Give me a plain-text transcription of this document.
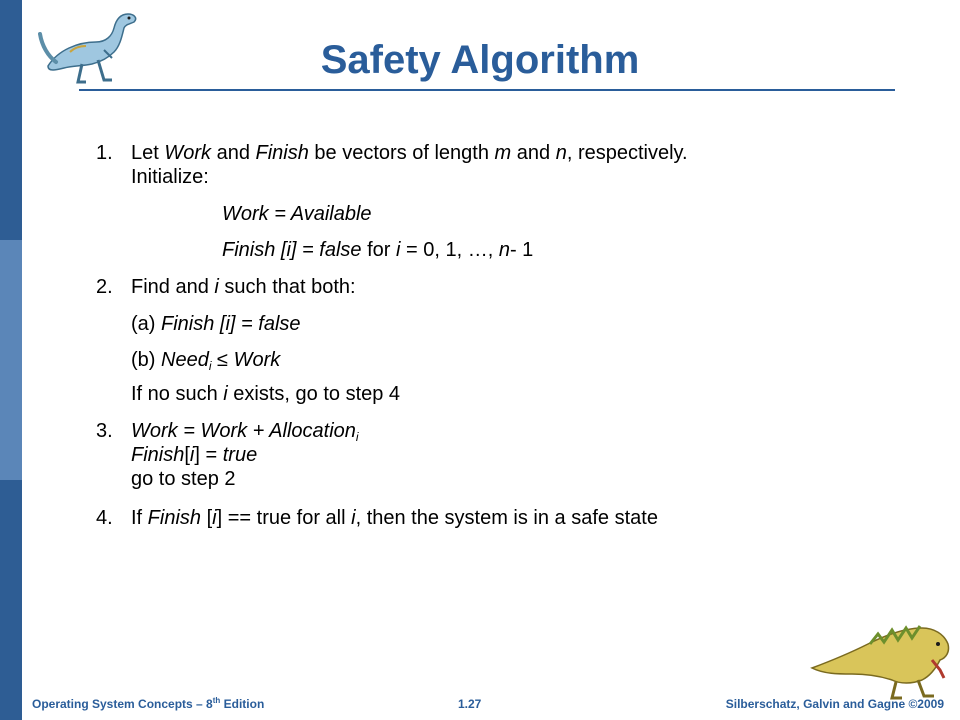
Safety Algorithm
1. Let Work and Finish be vectors of length m and n, respectively.
Initialize:
Work = Available
Finish [i] = false for i = 0, 1, …, n- 1
2. Find and i such that both:
(a) Finish [i] = false
(b) Need$_i$ ≤ Work
If no such i exists, go to step 4
3. Work = Work + Allocation$_i$
Finish[i] = true
go to step 2
4. If Finish [i] == true for all i, then the system is in a safe state
Operating System Concepts – 8th Edition	1.27	Silberschatz, Galvin and Gagne ©2009
